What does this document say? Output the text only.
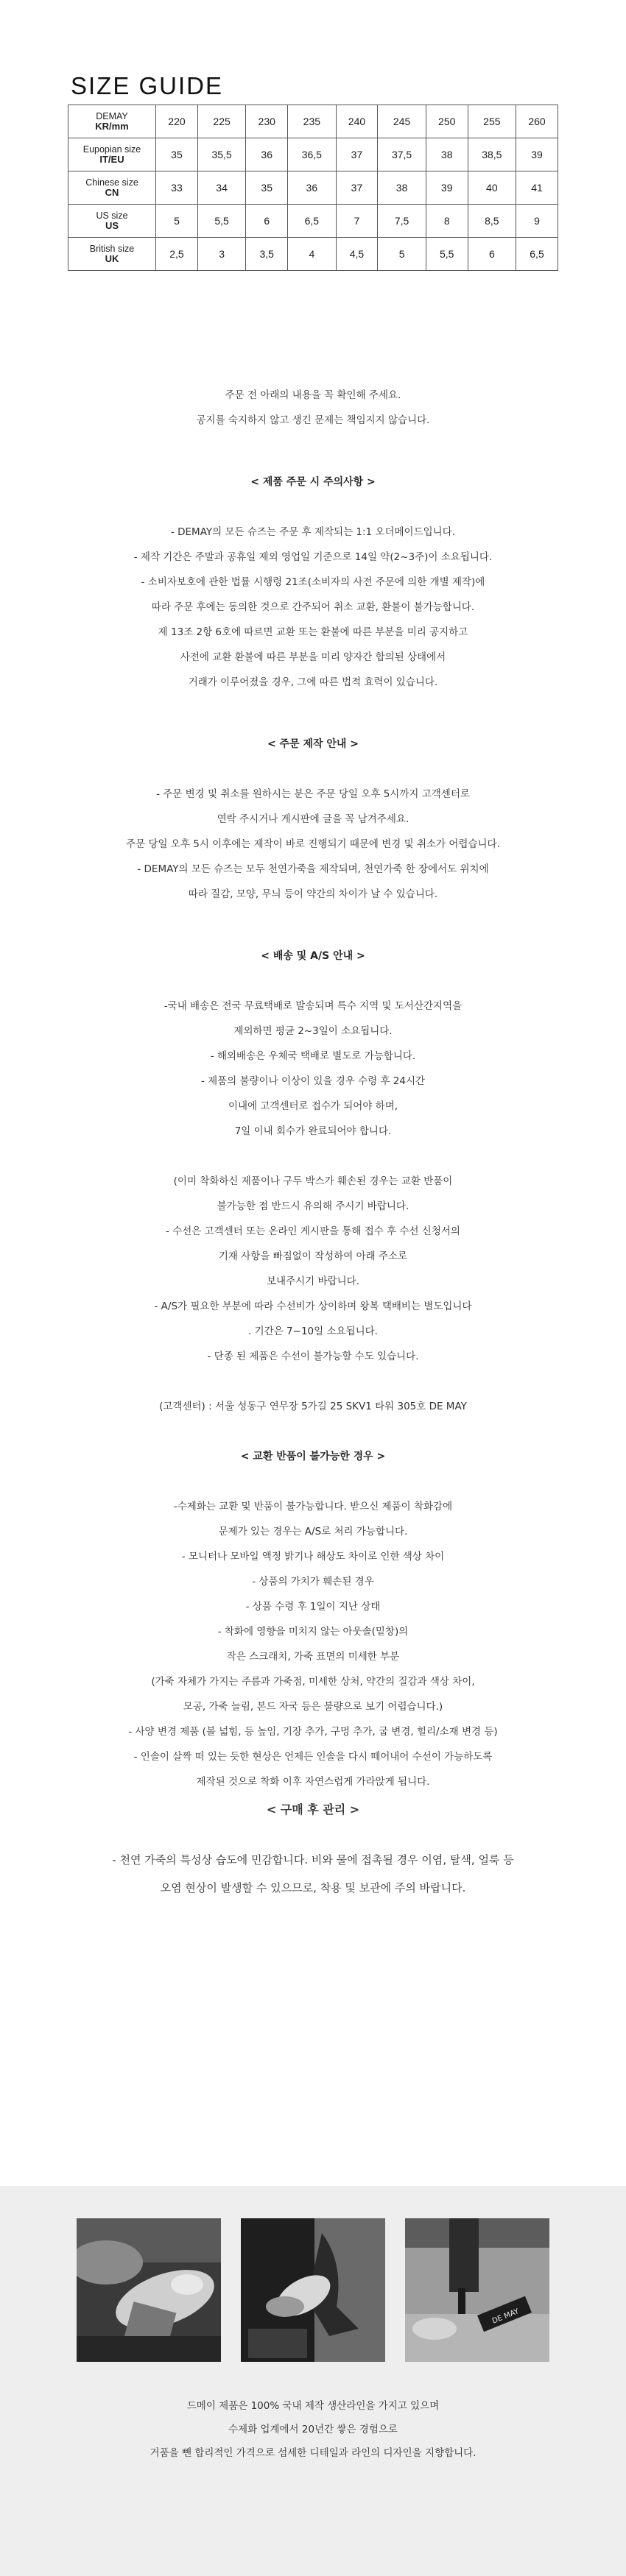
SIZE GUIDE
DEMAY
KR/mm	220	225	230	235	240	245	250	255	260
Eupopian size
IT/EU	35	35,5	36	36,5	37	37,5	38	38,5	39
Chinese size
CN	33	34	35	36	37	38	39	40	41
US size
US	5	5,5	6	6,5	7	7,5	8	8,5	9
British size
UK	2,5	3	3,5	4	4,5	5	5,5	6	6,5

주문 전 아래의 내용을 꼭 확인해 주세요.

공지를 숙지하지 않고 생긴 문제는 책임지지 않습니다.

< 제품 주문 시 주의사항 >

- DEMAY의 모든 슈즈는 주문 후 제작되는 1:1 오더메이드입니다.

- 제작 기간은 주말과 공휴일 제외 영업일 기준으로 14일 약(2~3주)이 소요됩니다.

- 소비자보호에 관한 법률 시행령 21조(소비자의 사전 주문에 의한 개별 제작)에

따라 주문 후에는 동의한 것으로 간주되어 취소 교환, 환불이 불가능합니다.

제 13조 2항 6호에 따르면 교환 또는 환불에 따른 부분을 미리 공지하고

사전에 교환 환불에 따른 부분을 미리 양자간 합의된 상태에서

거래가 이루어졌을 경우, 그에 따른 법적 효력이 있습니다.

< 주문 제작 안내 >

- 주문 변경 및 취소를 원하시는 분은 주문 당일 오후 5시까지 고객센터로

연락 주시거나 게시판에 글을 꼭 남겨주세요.

주문 당일 오후 5시 이후에는 제작이 바로 진행되기 때문에 변경 및 취소가 어렵습니다.

- DEMAY의 모든 슈즈는 모두 천연가죽을 제작되며, 천연가죽 한 장에서도 위치에

따라 질감, 모양, 무늬 등이 약간의 차이가 날 수 있습니다.

< 배송 및 A/S 안내 >

-국내 배송은 전국 무료택배로 발송되며 특수 지역 및 도서산간지역을

제외하면 평균 2~3일이 소요됩니다.

- 해외배송은 우체국 택배로 별도로 가능합니다.

- 제품의 불량이나 이상이 있을 경우 수령 후 24시간

이내에 고객센터로 접수가 되어야 하며,

7일 이내 회수가 완료되어야 합니다.

(이미 착화하신 제품이나 구두 박스가 훼손된 경우는 교환 반품이

불가능한 점 반드시 유의해 주시기 바랍니다.

- 수선은 고객센터 또는 온라인 게시판을 통해 접수 후 수선 신청서의

기재 사항을 빠짐없이 작성하여 아래 주소로

보내주시기 바랍니다.

- A/S가 필요한 부분에 따라 수선비가 상이하며 왕복 택배비는 별도입니다

. 기간은 7~10일 소요됩니다.

- 단종 된 제품은 수선이 불가능할 수도 있습니다.

(고객센터) : 서울 성동구 연무장 5가길 25 SKV1 타워 305호 DE MAY

< 교환 반품이 불가능한 경우 >

-수제화는 교환 및 반품이 불가능합니다. 받으신 제품이 착화감에

문제가 있는 경우는 A/S로 처리 가능합니다.

- 모니터나 모바일 액정 밝기나 해상도 차이로 인한 색상 차이

- 상품의 가치가 훼손된 경우

- 상품 수령 후 1일이 지난 상태

- 착화에 영향을 미치지 않는 아웃솔(밑창)의

작은 스크래치, 가죽 표면의 미세한 부분

(가죽 자체가 가지는 주름과 가죽점, 미세한 상처, 약간의 질감과 색상 차이,

모공, 가죽 늘림, 본드 자국 등은 불량으로 보기 어렵습니다.)

- 사양 변경 제품 (볼 넓힘, 등 높임, 기장 추가, 구멍 추가, 굽 변경, 힐리/소재 변경 등)

- 인솔이 살짝 떠 있는 듯한 현상은 언제든 인솔을 다시 떼어내어 수선이 가능하도록

제작된 것으로 착화 이후 자연스럽게 가라앉게 됩니다.

< 구매 후 관리 >

- 천연 가죽의 특성상 습도에 민감합니다. 비와 물에 접촉될 경우 이염, 탈색, 얼룩 등

오염 현상이 발생할 수 있으므로, 착용 및 보관에 주의 바랍니다.

DE MAY

드메이 제품은 100% 국내 제작 생산라인을 가지고 있으며

수제화 업계에서 20년간 쌓은 경험으로

거품을 뺀 합리적인 가격으로 섬세한 디테일과 라인의 디자인을 지향합니다.
